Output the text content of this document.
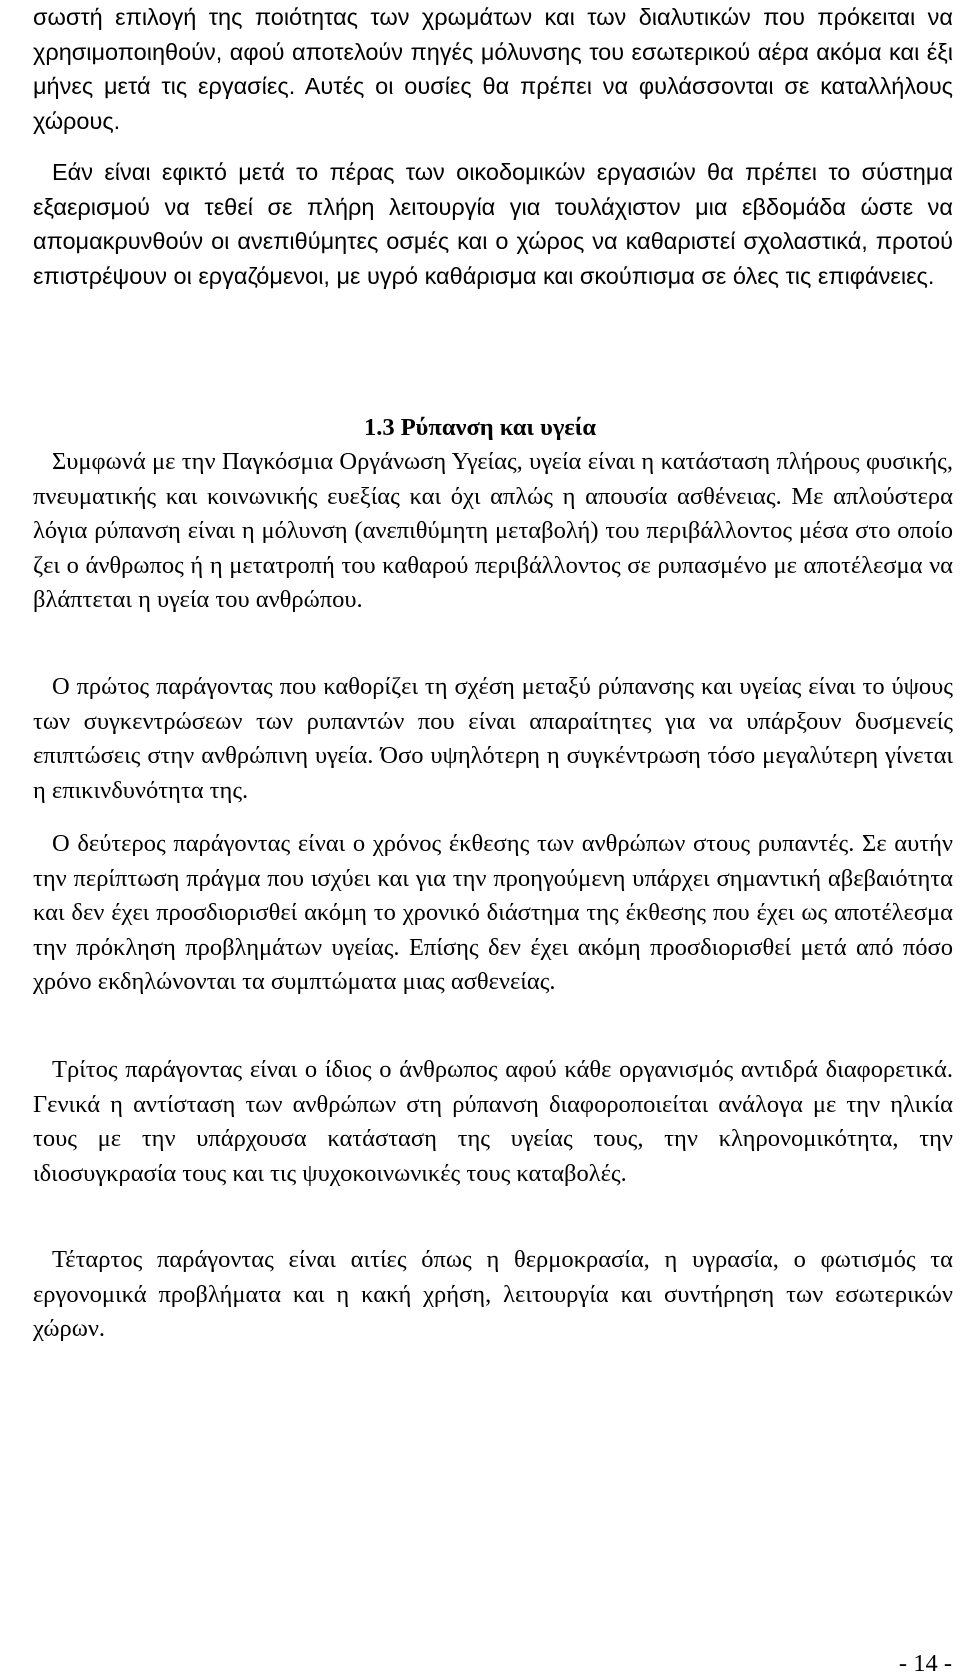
σωστή επιλογή της ποιότητας των χρωμάτων και των διαλυτικών που πρόκειται να χρησιμοποιηθούν, αφού αποτελούν πηγές μόλυνσης του εσωτερικού αέρα ακόμα και έξι μήνες μετά τις εργασίες. Αυτές οι ουσίες θα πρέπει να φυλάσσονται σε καταλλήλους χώρους.

Εάν είναι εφικτό μετά το πέρας των οικοδομικών εργασιών θα πρέπει το σύστημα εξαερισμού να τεθεί σε πλήρη λειτουργία για τουλάχιστον μια εβδομάδα ώστε να απομακρυνθούν οι ανεπιθύμητες οσμές και ο χώρος να καθαριστεί σχολαστικά, προτού επιστρέψουν οι εργαζόμενοι, με υγρό καθάρισμα και σκούπισμα σε όλες τις επιφάνειες.

1.3 Ρύπανση και υγεία

Συμφωνά με την Παγκόσμια Οργάνωση Υγείας, υγεία είναι η κατάσταση πλήρους φυσικής, πνευματικής και κοινωνικής ευεξίας και όχι απλώς η απουσία ασθένειας. Με απλούστερα λόγια ρύπανση είναι η μόλυνση (ανεπιθύμητη μεταβολή) του περιβάλλοντος μέσα στο οποίο ζει ο άνθρωπος ή η μετατροπή του καθαρού περιβάλλοντος σε ρυπασμένο με αποτέλεσμα να βλάπτεται η υγεία του ανθρώπου.

Ο πρώτος παράγοντας που καθορίζει τη σχέση μεταξύ ρύπανσης και υγείας είναι το ύψους των συγκεντρώσεων των ρυπαντών που είναι απαραίτητες για να υπάρξουν δυσμενείς επιπτώσεις στην ανθρώπινη υγεία. Όσο υψηλότερη η συγκέντρωση τόσο μεγαλύτερη γίνεται η επικινδυνότητα της.

Ο δεύτερος παράγοντας είναι ο χρόνος έκθεσης των ανθρώπων στους ρυπαντές. Σε αυτήν την περίπτωση πράγμα που ισχύει και για την προηγούμενη υπάρχει σημαντική αβεβαιότητα και δεν έχει προσδιορισθεί ακόμη το χρονικό διάστημα της έκθεσης που έχει ως αποτέλεσμα την πρόκληση προβλημάτων υγείας. Επίσης δεν έχει ακόμη προσδιορισθεί μετά από πόσο χρόνο εκδηλώνονται τα συμπτώματα μιας ασθενείας.

Τρίτος παράγοντας είναι ο ίδιος ο άνθρωπος αφού κάθε οργανισμός αντιδρά διαφορετικά. Γενικά η αντίσταση των ανθρώπων στη ρύπανση διαφοροποιείται ανάλογα με την ηλικία τους με την υπάρχουσα κατάσταση της υγείας τους, την κληρονομικότητα, την ιδιοσυγκρασία τους και τις ψυχοκοινωνικές τους καταβολές.

Τέταρτος παράγοντας είναι αιτίες όπως η θερμοκρασία, η υγρασία, ο φωτισμός τα εργονομικά προβλήματα και η κακή χρήση, λειτουργία και συντήρηση των εσωτερικών χώρων.

- 14 -
